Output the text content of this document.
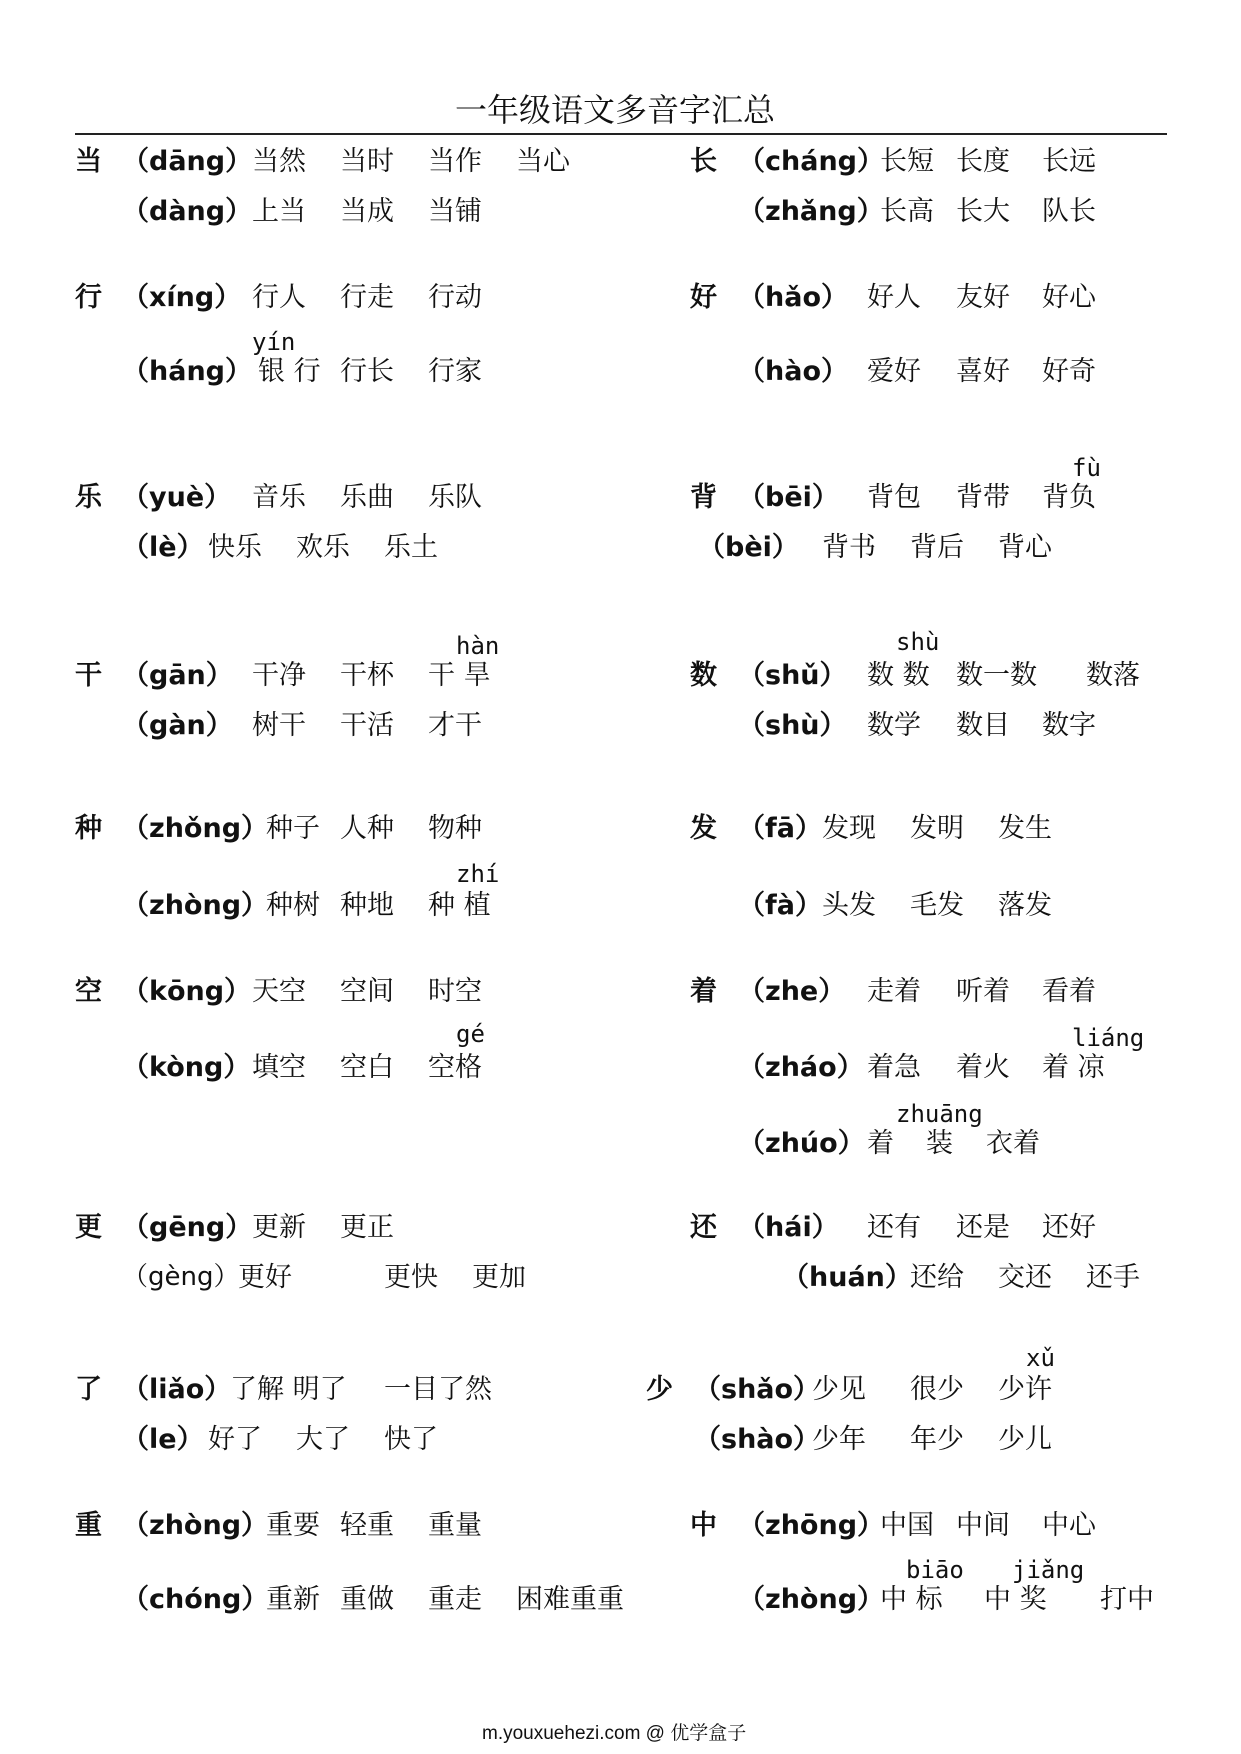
一年级语文多音字汇总
当 （dāng） 当然 当时 当作 当心
（dàng） 上当 当成 当铺
长 （cháng）
长短 长度 长远
（zhǎng）
长高 长大 队长
行 （xíng） 行人 行走 行动
yín
（háng） 银 行 行长 行家
好 （hǎo） 好人 友好 好心
（hào） 爱好 喜好 好奇
乐 （yuè） 音乐 乐曲 乐队
（lè） 快乐 欢乐 乐土
背 （bēi） 背包 背带
fù
背负
（bèi） 背书 背后 背心
干 （gān） 干净 干杯
hàn
干 旱
（gàn） 树干 干活 才干
数 （shǔ）
shù
数 数 数一数 数落
（shù） 数学 数目 数字
种 （zhǒng）
种子 人种 物种
zhí
（zhòng）
种树 种地 种 植
发 （fā） 发现 发明 发生
（fà） 头发 毛发 落发
空 （kōng） 天空 空间 时空
gé
（kòng） 填空 空白 空格
着 （zhe） 走着 听着 看着
liáng
（zháo） 着急 着火 着 凉
zhuāng
（zhúo） 着 装 衣着
更 （gēng） 更新 更正
（gèng）
更好	更快 更加
还 （hái） 还有 还是 还好
（huán）
还给 交还 还手
了 （liǎo）
了解 明了 一目了然
（le） 好了 大了 快了
少 （shǎo）
少见 很少
xǔ
少许
（shào）
少年 年少 少儿
重 （zhòng）
重要 轻重 重量
（chóng）
重新 重做 重走 困难重重
中 （zhōng）
中国 中间 中心
biāo jiǎng
（zhòng）
中 标 中 奖 打中
m.youxuehezi.com @ 优学盒子
